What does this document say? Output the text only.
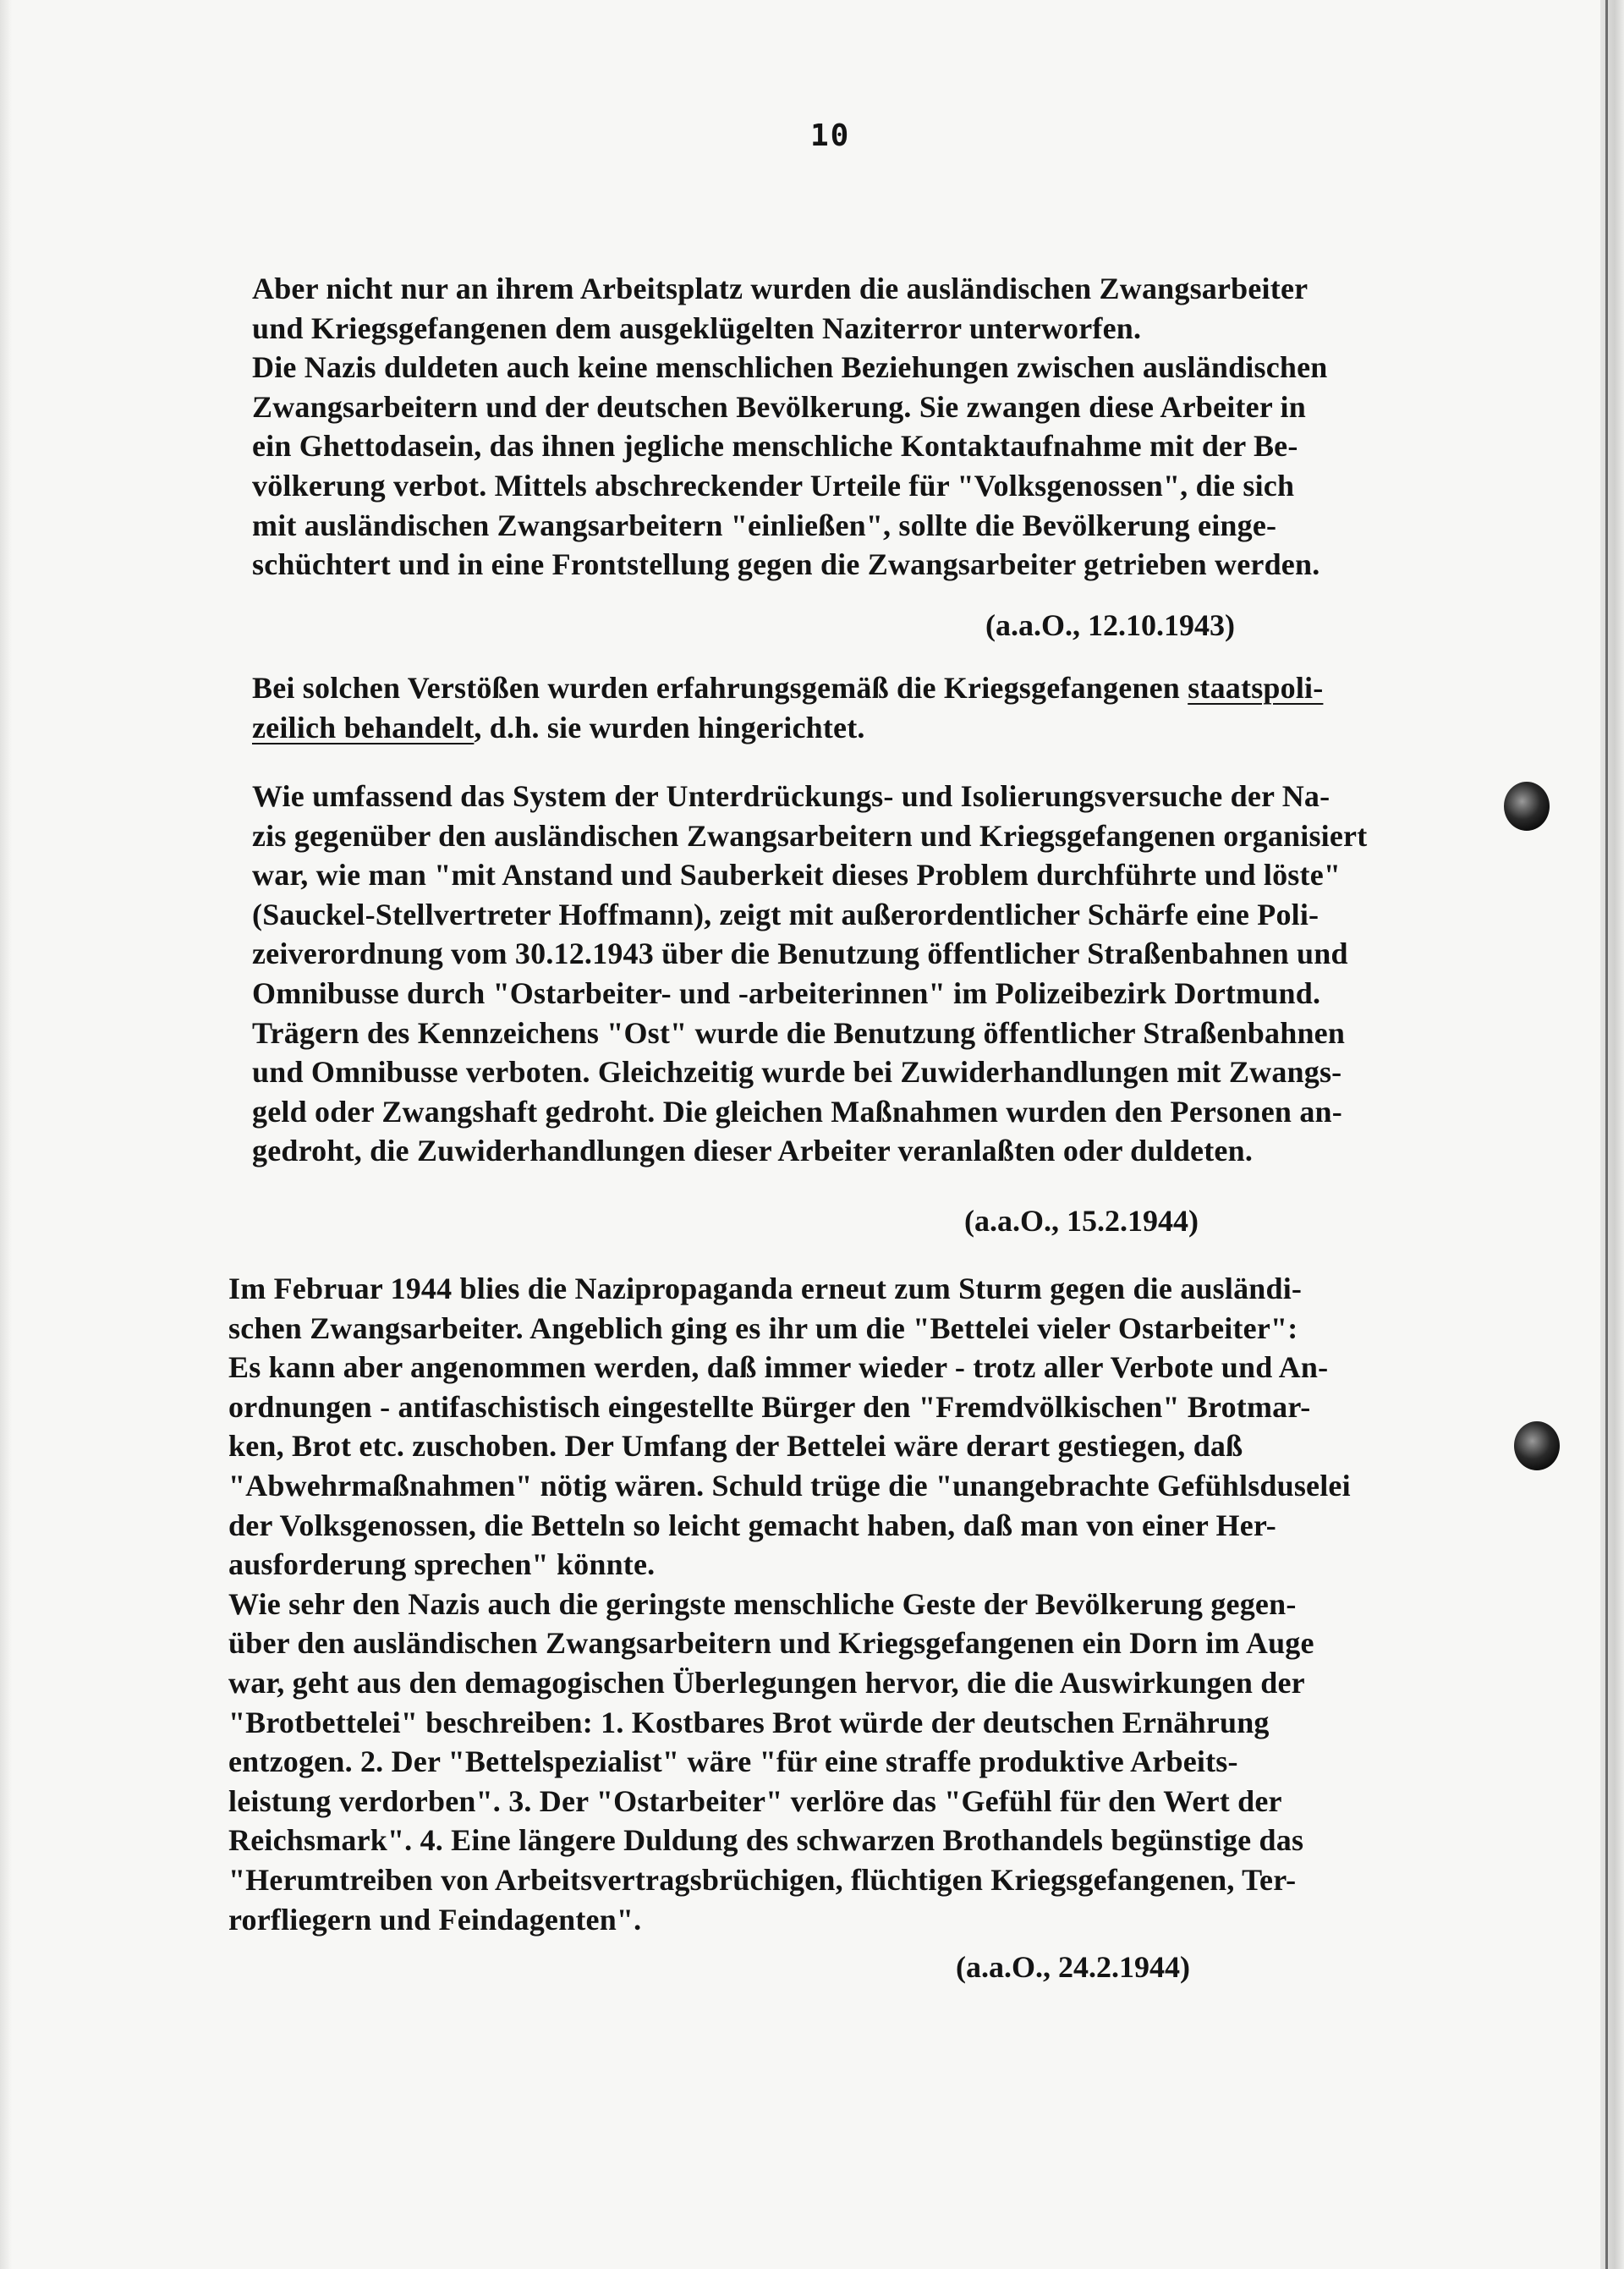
10
Aber nicht nur an ihrem Arbeitsplatz wurden die ausländischen Zwangsarbeiter
und Kriegsgefangenen dem ausgeklügelten Naziterror unterworfen.
Die Nazis duldeten auch keine menschlichen Beziehungen zwischen ausländischen
Zwangsarbeitern und der deutschen Bevölkerung. Sie zwangen diese Arbeiter in
ein Ghettodasein, das ihnen jegliche menschliche Kontaktaufnahme mit der Be-
völkerung verbot. Mittels abschreckender Urteile für "Volksgenossen", die sich
mit ausländischen Zwangsarbeitern "einließen", sollte die Bevölkerung einge-
schüchtert und in eine Frontstellung gegen die Zwangsarbeiter getrieben werden.
(a.a.O., 12.10.1943)
Bei solchen Verstößen wurden erfahrungsgemäß die Kriegsgefangenen staatspoli-
zeilich behandelt, d.h. sie wurden hingerichtet.
Wie umfassend das System der Unterdrückungs- und Isolierungsversuche der Na-
zis gegenüber den ausländischen Zwangsarbeitern und Kriegsgefangenen organisiert
war, wie man "mit Anstand und Sauberkeit dieses Problem durchführte und löste"
(Sauckel-Stellvertreter Hoffmann), zeigt mit außerordentlicher Schärfe eine Poli-
zeiverordnung vom 30.12.1943 über die Benutzung öffentlicher Straßenbahnen und
Omnibusse durch "Ostarbeiter- und -arbeiterinnen" im Polizeibezirk Dortmund.
Trägern des Kennzeichens "Ost" wurde die Benutzung öffentlicher Straßenbahnen
und Omnibusse verboten. Gleichzeitig wurde bei Zuwiderhandlungen mit Zwangs-
geld oder Zwangshaft gedroht. Die gleichen Maßnahmen wurden den Personen an-
gedroht, die Zuwiderhandlungen dieser Arbeiter veranlaßten oder duldeten.
(a.a.O., 15.2.1944)
Im Februar 1944 blies die Nazipropaganda erneut zum Sturm gegen die ausländi-
schen Zwangsarbeiter. Angeblich ging es ihr um die "Bettelei vieler Ostarbeiter":
Es kann aber angenommen werden, daß immer wieder - trotz aller Verbote und An-
ordnungen - antifaschistisch eingestellte Bürger den "Fremdvölkischen" Brotmar-
ken, Brot etc. zuschoben. Der Umfang der Bettelei wäre derart gestiegen, daß
"Abwehrmaßnahmen" nötig wären. Schuld trüge die "unangebrachte Gefühlsduselei
der Volksgenossen, die Betteln so leicht gemacht haben, daß man von einer Her-
ausforderung sprechen" könnte.
Wie sehr den Nazis auch die geringste menschliche Geste der Bevölkerung gegen-
über den ausländischen Zwangsarbeitern und Kriegsgefangenen ein Dorn im Auge
war, geht aus den demagogischen Überlegungen hervor, die die Auswirkungen der
"Brotbettelei" beschreiben: 1. Kostbares Brot würde der deutschen Ernährung
entzogen. 2. Der "Bettelspezialist" wäre "für eine straffe produktive Arbeits-
leistung verdorben". 3. Der "Ostarbeiter" verlöre das "Gefühl für den Wert der
Reichsmark". 4. Eine längere Duldung des schwarzen Brothandels begünstige das
"Herumtreiben von Arbeitsvertragsbrüchigen, flüchtigen Kriegsgefangenen, Ter-
rorfliegern und Feindagenten".
(a.a.O., 24.2.1944)
